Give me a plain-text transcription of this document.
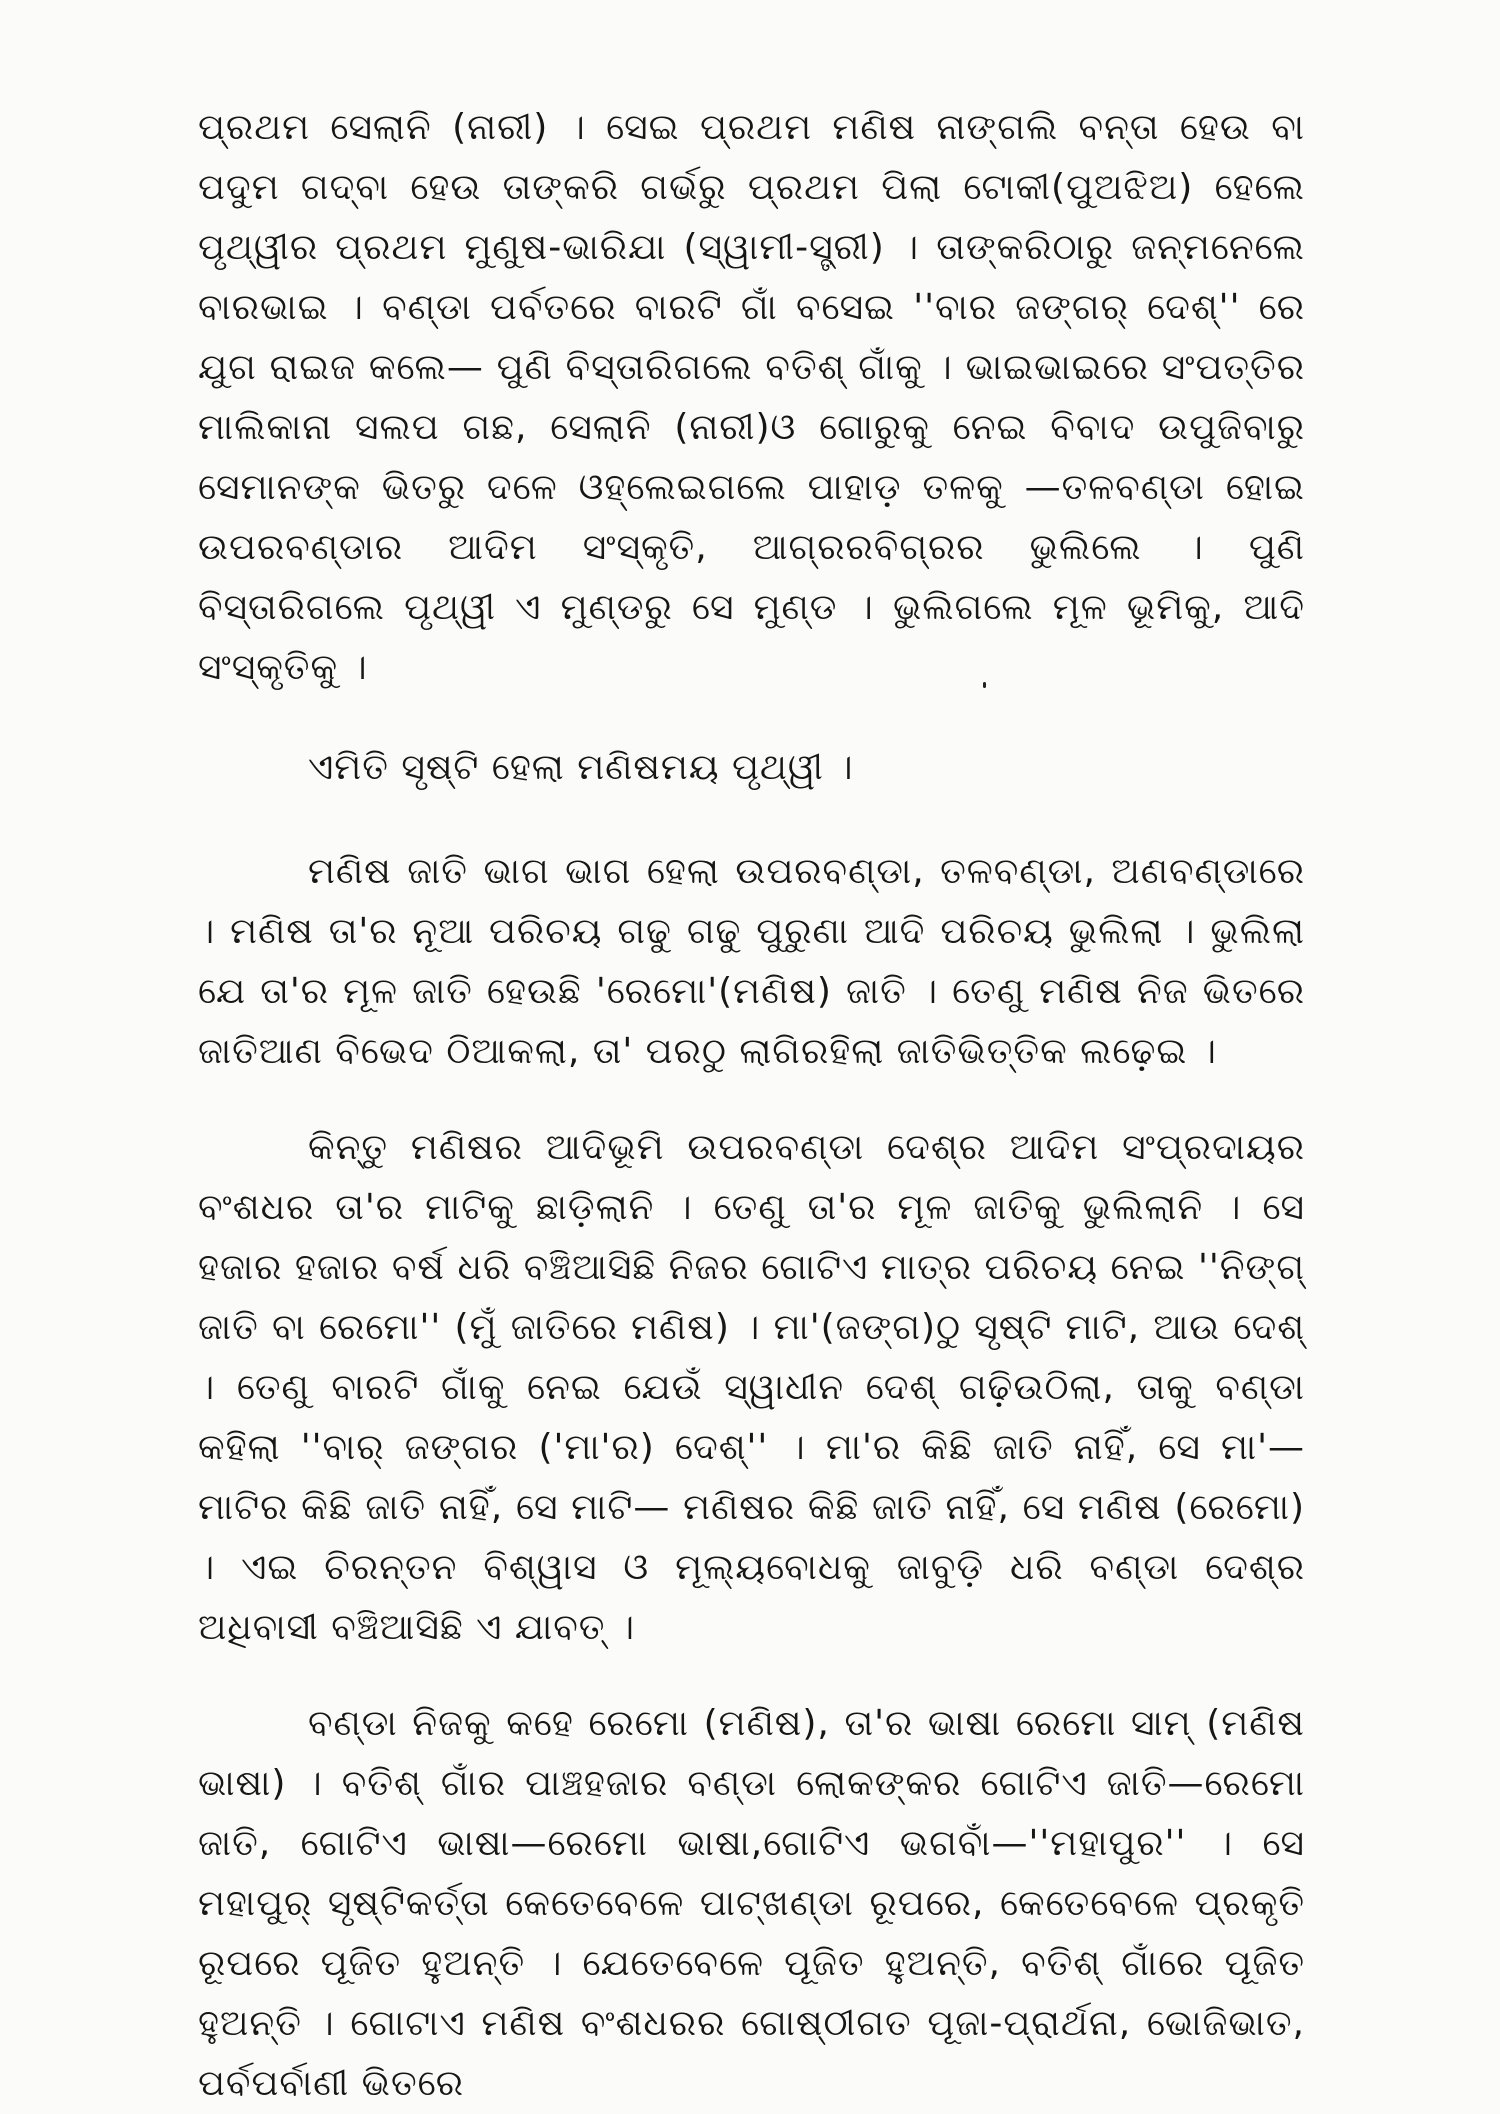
ପ୍ରଥମ ସେଲାନି (ନାରୀ) । ସେଇ ପ୍ରଥମ ମଣିଷ ନାଙ୍ଗଲି ବନ୍ତା ହେଉ ବା ପଦୁମ ଗଦ୍‌ବା ହେଉ ତାଙ୍କରି ଗର୍ଭରୁ ପ୍ରଥମ ପିଲା ଟୋକୀ(ପୁଅଝିଅ) ହେଲେ ପୃଥ୍ୱୀର ପ୍ରଥମ ମୁଣୁଷ-ଭାରିଯା (ସ୍ୱାମୀ-ସ୍ତ୍ରୀ) । ତାଙ୍କରିଠାରୁ ଜନ୍ମନେଲେ ବାରଭାଇ । ବଣ୍ଡା ପର୍ବତରେ ବାରଟି ଗାଁ ବସେଇ ''ବାର ଜଙ୍ଗର୍ ଦେଶ୍'' ରେ ଯୁଗ ରାଇଜ କଲେ— ପୁଣି ବିସ୍ତାରିଗଲେ ବତିଶ୍ ଗାଁକୁ । ଭାଇଭାଇରେ ସଂପତ୍ତିର ମାଲିକାନା ସଲପ ଗଛ, ସେଲାନି (ନାରୀ)ଓ ଗୋରୁକୁ ନେଇ ବିବାଦ ଉପୁଜିବାରୁ ସେମାନଙ୍କ ଭିତରୁ ଦଳେ ଓହ୍ଲେଇଗଲେ ପାହାଡ଼ ତଳକୁ —ତଳବଣ୍ଡା ହୋଇ ଉପରବଣ୍ଡାର ଆଦିମ ସଂସ୍କୃତି, ଆଗ୍ରରବିଗ୍ରର ଭୁଲିଲେ । ପୁଣି ବିସ୍ତାରିଗଲେ ପୃଥ୍ୱୀ ଏ ମୁଣ୍ଡରୁ ସେ ମୁଣ୍ଡ । ଭୁଲିଗଲେ ମୂଳ ଭୂମିକୁ, ଆଦି ସଂସ୍କୃତିକୁ ।

ଏମିତି ସୃଷ୍ଟି ହେଲା ମଣିଷମୟ ପୃଥ୍ୱୀ ।

ମଣିଷ ଜାତି ଭାଗ ଭାଗ ହେଲା ଉପରବଣ୍ଡା, ତଳବଣ୍ଡା, ଅଣବଣ୍ଡାରେ । ମଣିଷ ତା'ର ନୂଆ ପରିଚୟ ଗଢୁ ଗଢୁ ପୁରୁଣା ଆଦି ପରିଚୟ ଭୁଲିଲା । ଭୁଲିଲା ଯେ ତା'ର ମୂଳ ଜାତି ହେଉଛି 'ରେମୋ'(ମଣିଷ) ଜାତି । ତେଣୁ ମଣିଷ ନିଜ ଭିତରେ ଜାତିଆଣ ବିଭେଦ ଠିଆକଲା, ତା' ପରଠୁ ଲାଗିରହିଲା ଜାତିଭିତ୍ତିକ ଲଢ଼େଇ ।

କିନ୍ତୁ ମଣିଷର ଆଦିଭୂମି ଉପରବଣ୍ଡା ଦେଶ୍‌ର ଆଦିମ ସଂପ୍ରଦାୟର ବଂଶଧର ତା'ର ମାଟିକୁ ଛାଡ଼ିଲାନି । ତେଣୁ ତା'ର ମୂଳ ଜାତିକୁ ଭୁଲିଲାନି । ସେ ହଜାର ହଜାର ବର୍ଷ ଧରି ବଞ୍ଚିଆସିଛି ନିଜର ଗୋଟିଏ ମାତ୍ର ପରିଚୟ ନେଇ ''ନିଙ୍ଗ୍ ଜାତି ବା ରେମୋ'' (ମୁଁ ଜାତିରେ ମଣିଷ) । ମା'(ଜଙ୍ଗ)ଠୁ ସୃଷ୍ଟି ମାଟି, ଆଉ ଦେଶ୍ । ତେଣୁ ବାରଟି ଗାଁକୁ ନେଇ ଯେଉଁ ସ୍ୱାଧୀନ ଦେଶ୍ ଗଢ଼ିଉଠିଲା, ତାକୁ ବଣ୍ଡା କହିଲା ''ବାର୍ ଜଙ୍ଗର ('ମା'ର) ଦେଶ୍'' । ମା'ର କିଛି ଜାତି ନାହିଁ, ସେ ମା'— ମାଟିର କିଛି ଜାତି ନାହିଁ, ସେ ମାଟି— ମଣିଷର କିଛି ଜାତି ନାହିଁ, ସେ ମଣିଷ (ରେମୋ) । ଏଇ ଚିରନ୍ତନ ବିଶ୍ୱାସ ଓ ମୂଲ୍ୟବୋଧକୁ ଜାବୁଡ଼ି ଧରି ବଣ୍ଡା ଦେଶ୍‌ର ଅଧିବାସୀ ବଞ୍ଚିଆସିଛି ଏ ଯାବତ୍ ।

ବଣ୍ଡା ନିଜକୁ କହେ ରେମୋ (ମଣିଷ), ତା'ର ଭାଷା ରେମୋ ସାମ୍ (ମଣିଷ ଭାଷା) । ବତିଶ୍ ଗାଁର ପାଞ୍ଚହଜାର ବଣ୍ଡା ଲୋକଙ୍କର ଗୋଟିଏ ଜାତି—ରେମୋ ଜାତି, ଗୋଟିଏ ଭାଷା—ରେମୋ ଭାଷା,ଗୋଟିଏ ଭଗବାଁ—''ମହାପୁର'' । ସେ ମହାପୁର୍ ସୃଷ୍ଟିକର୍ତ୍ତା କେତେବେଳେ ପାଟ୍‌ଖଣ୍ଡା ରୂପରେ, କେତେବେଳେ ପ୍ରକୃତି ରୂପରେ ପୂଜିତ ହୁଅନ୍ତି । ଯେତେବେଳେ ପୂଜିତ ହୁଅନ୍ତି, ବତିଶ୍ ଗାଁରେ ପୂଜିତ ହୁଅନ୍ତି । ଗୋଟାଏ ମଣିଷ ବଂଶଧରର ଗୋଷ୍ଠୀଗତ ପୂଜା-ପ୍ରାର୍ଥନା, ଭୋଜିଭାତ, ପର୍ବପର୍ବାଣୀ ଭିତରେ
